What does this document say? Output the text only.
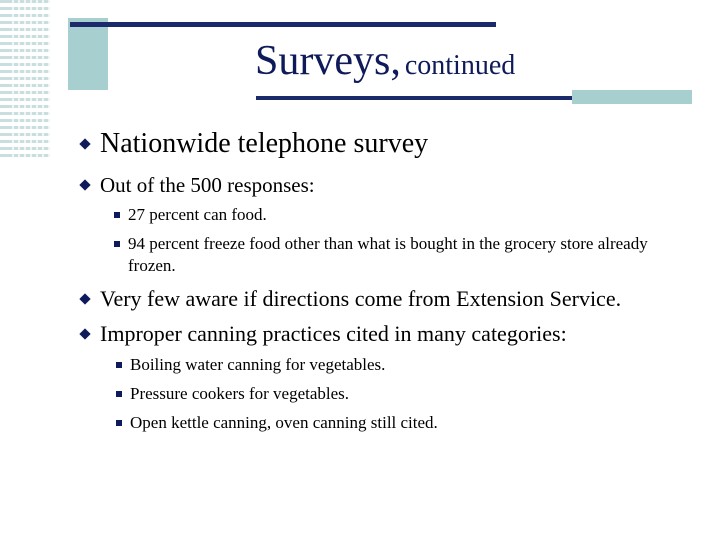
Surveys, continued
Nationwide telephone survey
Out of the 500 responses:
27 percent can food.
94 percent freeze food other than what is bought in the grocery store already frozen.
Very few aware if directions come from Extension Service.
Improper canning practices cited in many categories:
Boiling water canning for vegetables.
Pressure cookers for vegetables.
Open kettle canning, oven canning still cited.
